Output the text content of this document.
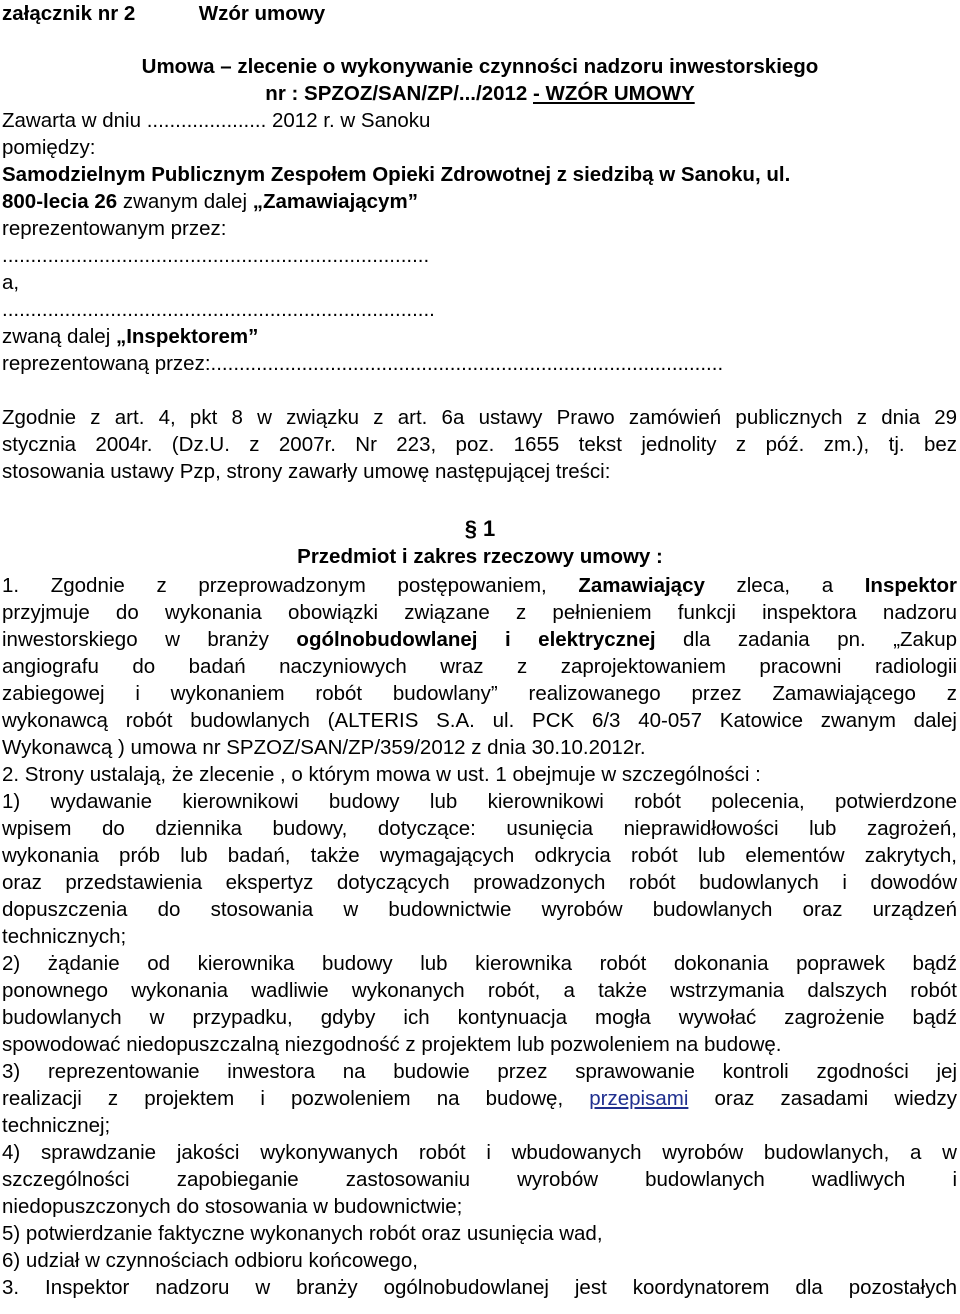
załącznik nr 2	Wzór umowy
Umowa – zlecenie o wykonywanie czynności nadzoru inwestorskiego
nr : SPZOZ/SAN/ZP/.../2012 - WZÓR UMOWY
Zawarta w dniu ..................... 2012 r. w Sanoku
pomiędzy:
Samodzielnym Publicznym Zespołem Opieki Zdrowotnej z siedzibą w Sanoku, ul.
800-lecia 26 zwanym dalej „Zamawiającym”
reprezentowanym przez:
...........................................................................
a,
............................................................................
zwaną dalej „Inspektorem”
reprezentowaną przez:..........................................................................................
Zgodnie z art. 4, pkt 8 w związku z art. 6a ustawy Prawo zamówień publicznych z dnia 29
stycznia 2004r. (Dz.U. z 2007r. Nr 223, poz. 1655 tekst jednolity z póź. zm.), tj. bez
stosowania ustawy Pzp, strony zawarły umowę następującej treści:
§ 1
Przedmiot i zakres rzeczowy umowy :
1. Zgodnie z przeprowadzonym postępowaniem, Zamawiający zleca, a Inspektor
przyjmuje do wykonania obowiązki związane z pełnieniem funkcji inspektora nadzoru
inwestorskiego w branży ogólnobudowlanej i elektrycznej dla zadania pn. „Zakup
angiografu do badań naczyniowych wraz z zaprojektowaniem pracowni radiologii
zabiegowej i wykonaniem robót budowlany” realizowanego przez Zamawiającego z
wykonawcą robót budowlanych (ALTERIS S.A. ul. PCK 6/3 40-057 Katowice zwanym dalej
Wykonawcą ) umowa nr SPZOZ/SAN/ZP/359/2012 z dnia 30.10.2012r.
2. Strony ustalają, że zlecenie , o którym mowa w ust. 1 obejmuje w szczególności :
1) wydawanie kierownikowi budowy lub kierownikowi robót polecenia, potwierdzone
wpisem do dziennika budowy, dotyczące: usunięcia nieprawidłowości lub zagrożeń,
wykonania prób lub badań, także wymagających odkrycia robót lub elementów zakrytych,
oraz przedstawienia ekspertyz dotyczących prowadzonych robót budowlanych i dowodów
dopuszczenia do stosowania w budownictwie wyrobów budowlanych oraz urządzeń
technicznych;
2) żądanie od kierownika budowy lub kierownika robót dokonania poprawek bądź
ponownego wykonania wadliwie wykonanych robót, a także wstrzymania dalszych robót
budowlanych w przypadku, gdyby ich kontynuacja mogła wywołać zagrożenie bądź
spowodować niedopuszczalną niezgodność z projektem lub pozwoleniem na budowę.
3) reprezentowanie inwestora na budowie przez sprawowanie kontroli zgodności jej
realizacji z projektem i pozwoleniem na budowę, przepisami oraz zasadami wiedzy
technicznej;
4) sprawdzanie jakości wykonywanych robót i wbudowanych wyrobów budowlanych, a w
szczególności zapobieganie zastosowaniu wyrobów budowlanych wadliwych i
niedopuszczonych do stosowania w budownictwie;
5) potwierdzanie faktyczne wykonanych robót oraz usunięcia wad,
6) udział w czynnościach odbioru końcowego,
3. Inspektor nadzoru w branży ogólnobudowlanej jest koordynatorem dla pozostałych
